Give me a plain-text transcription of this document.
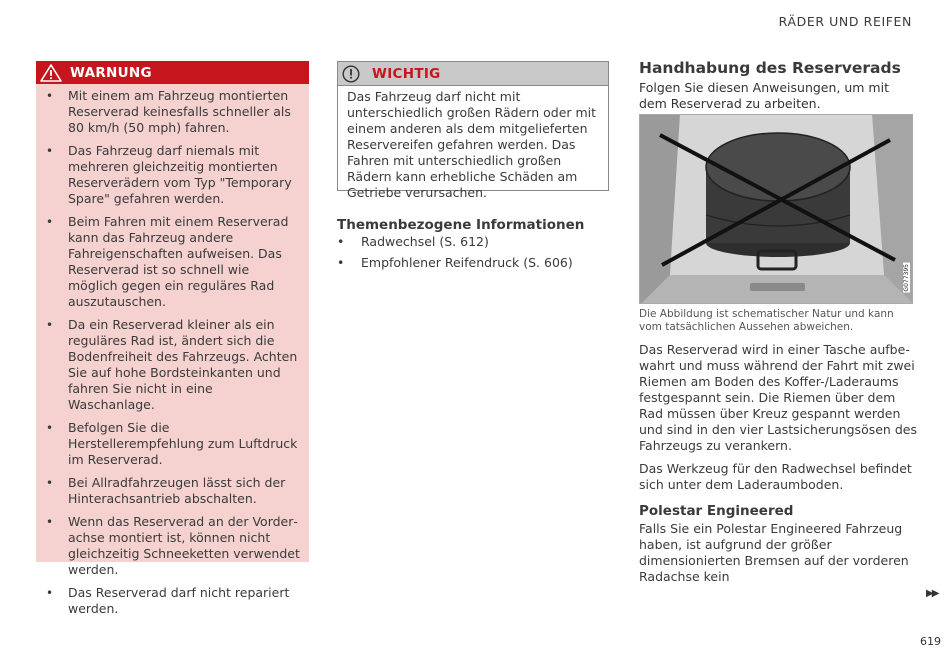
RÄDER UND REIFEN
WARNUNG
• Mit einem am Fahrzeug montierten Reserverad keinesfalls schneller als 80 km/h (50 mph) fahren.
• Das Fahrzeug darf niemals mit mehreren gleichzeitig montierten Reserverädern vom Typ "Temporary Spare" gefahren werden.
• Beim Fahren mit einem Reserverad kann das Fahrzeug andere Fahreigenschaften aufweisen. Das Reserverad ist so schnell wie möglich gegen ein reguläres Rad auszutauschen.
• Da ein Reserverad kleiner als ein reguläres Rad ist, ändert sich die Bodenfreiheit des Fahrzeugs. Achten Sie auf hohe Bordsteinkanten und fahren Sie nicht in eine Waschanlage.
• Befolgen Sie die Herstellerempfehlung zum Luftdruck im Reserverad.
• Bei Allradfahrzeugen lässt sich der Hinterachsantrieb abschalten.
• Wenn das Reserverad an der Vorderachse montiert ist, können nicht gleichzeitig Schneeketten verwendet werden.
• Das Reserverad darf nicht repariert werden.
WICHTIG

Das Fahrzeug darf nicht mit unterschiedlich großen Rädern oder mit einem anderen als dem mitgelieferten Reservereifen gefahren werden. Das Fahren mit unterschiedlich großen Rädern kann erhebliche Schäden am Getriebe verursachen.

Themenbezogene Informationen
• Radwechsel (S. 612)
• Empfohlener Reifendruck (S. 606)
Handhabung des Reserverads

Folgen Sie diesen Anweisungen, um mit dem Reserverad zu arbeiten.

G077395

Die Abbildung ist schematischer Natur und kann vom tatsächlichen Aussehen abweichen.

Das Reserverad wird in einer Tasche aufbewahrt und muss während der Fahrt mit zwei Riemen am Boden des Koffer-/Laderaums festgespannt sein. Die Riemen über dem Rad müssen über Kreuz gespannt werden und sind in den vier Lastsicherungsösen des Fahrzeugs zu verankern.

Das Werkzeug für den Radwechsel befindet sich unter dem Laderaumboden.

Polestar Engineered

Falls Sie ein Polestar Engineered Fahrzeug haben, ist aufgrund der größer dimensionierten Bremsen auf der vorderen Radachse kein

▶▶
619
